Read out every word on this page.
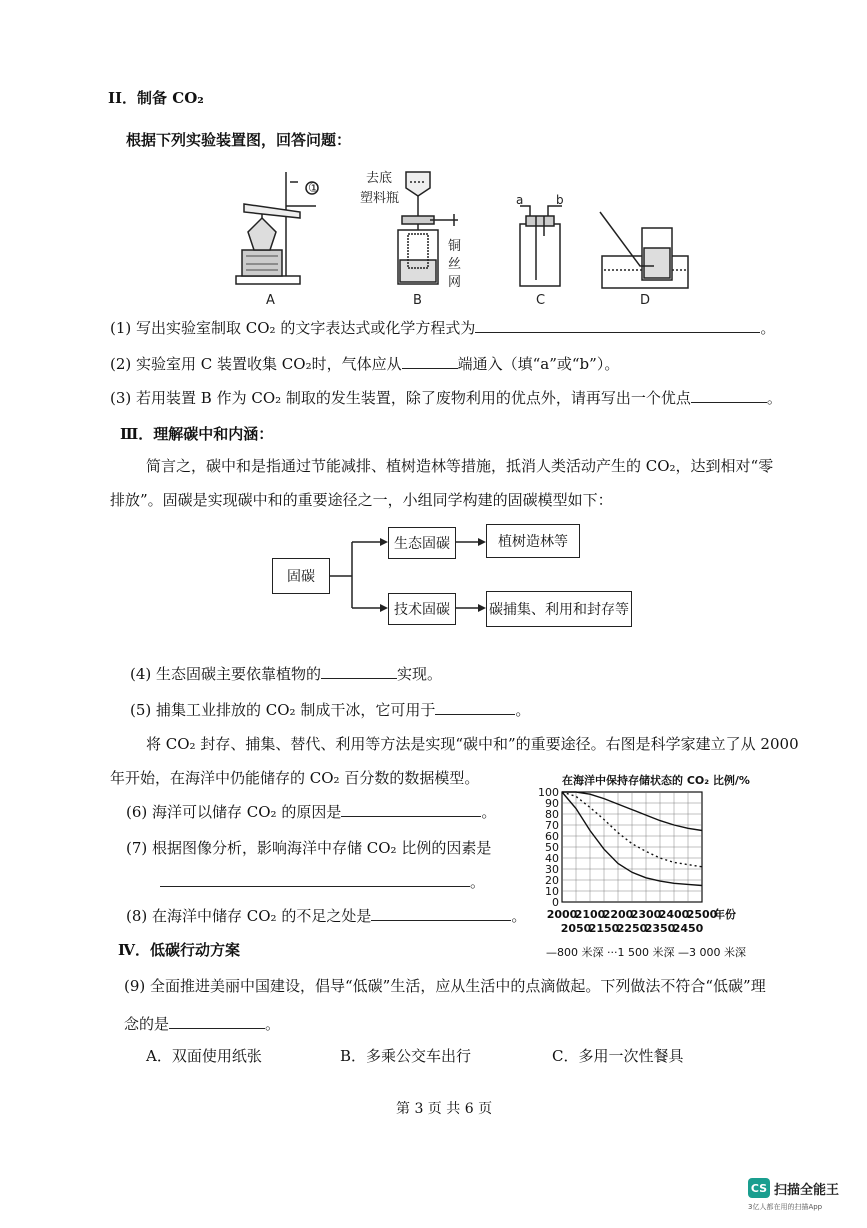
II．制备 CO₂
根据下列实验装置图，回答问题：
①
去底
塑料瓶
铜
丝
网
a	b
A	B	C	D
(1) 写出实验室制取 CO₂ 的文字表达式或化学方程式为	。
(2) 实验室用 C 装置收集 CO₂时，气体应从	端通入（填“a”或“b”）。
(3) 若用装置 B 作为 CO₂ 制取的发生装置，除了废物利用的优点外，请再写出一个优点	。
Ⅲ．理解碳中和内涵：
简言之，碳中和是指通过节能减排、植树造林等措施，抵消人类活动产生的 CO₂，达到相对“零
排放”。固碳是实现碳中和的重要途径之一，小组同学构建的固碳模型如下：
固碳
生态固碳	植树造林等
技术固碳	碳捕集、利用和封存等
(4) 生态固碳主要依靠植物的	实现。
(5) 捕集工业排放的 CO₂ 制成干冰，它可用于	。
将 CO₂ 封存、捕集、替代、利用等方法是实现“碳中和”的重要途径。右图是科学家建立了从 2000
年开始，在海洋中仍能储存的 CO₂ 百分数的数据模型。
(6) 海洋可以储存 CO₂ 的原因是	。
(7) 根据图像分析，影响海洋中存储 CO₂ 比例的因素是
。
(8) 在海洋中储存 CO₂ 的不足之处是	。
在海洋中保持存储状态的 CO₂ 比例/%
100
90
80
70
60
50
40
30
20
10
0
2000
2100
2200
2300
2400
2500
年份
2050
2150
2250
2350
2450
—800 米深 ···1 500 米深 —3 000 米深
Ⅳ．低碳行动方案
(9) 全面推进美丽中国建设，倡导“低碳”生活，应从生活中的点滴做起。下列做法不符合“低碳”理
念的是	。
A．双面使用纸张	B．多乘公交车出行	C．多用一次性餐具
第 3 页 共 6 页
CS 扫描全能王
3亿人都在用的扫描App
